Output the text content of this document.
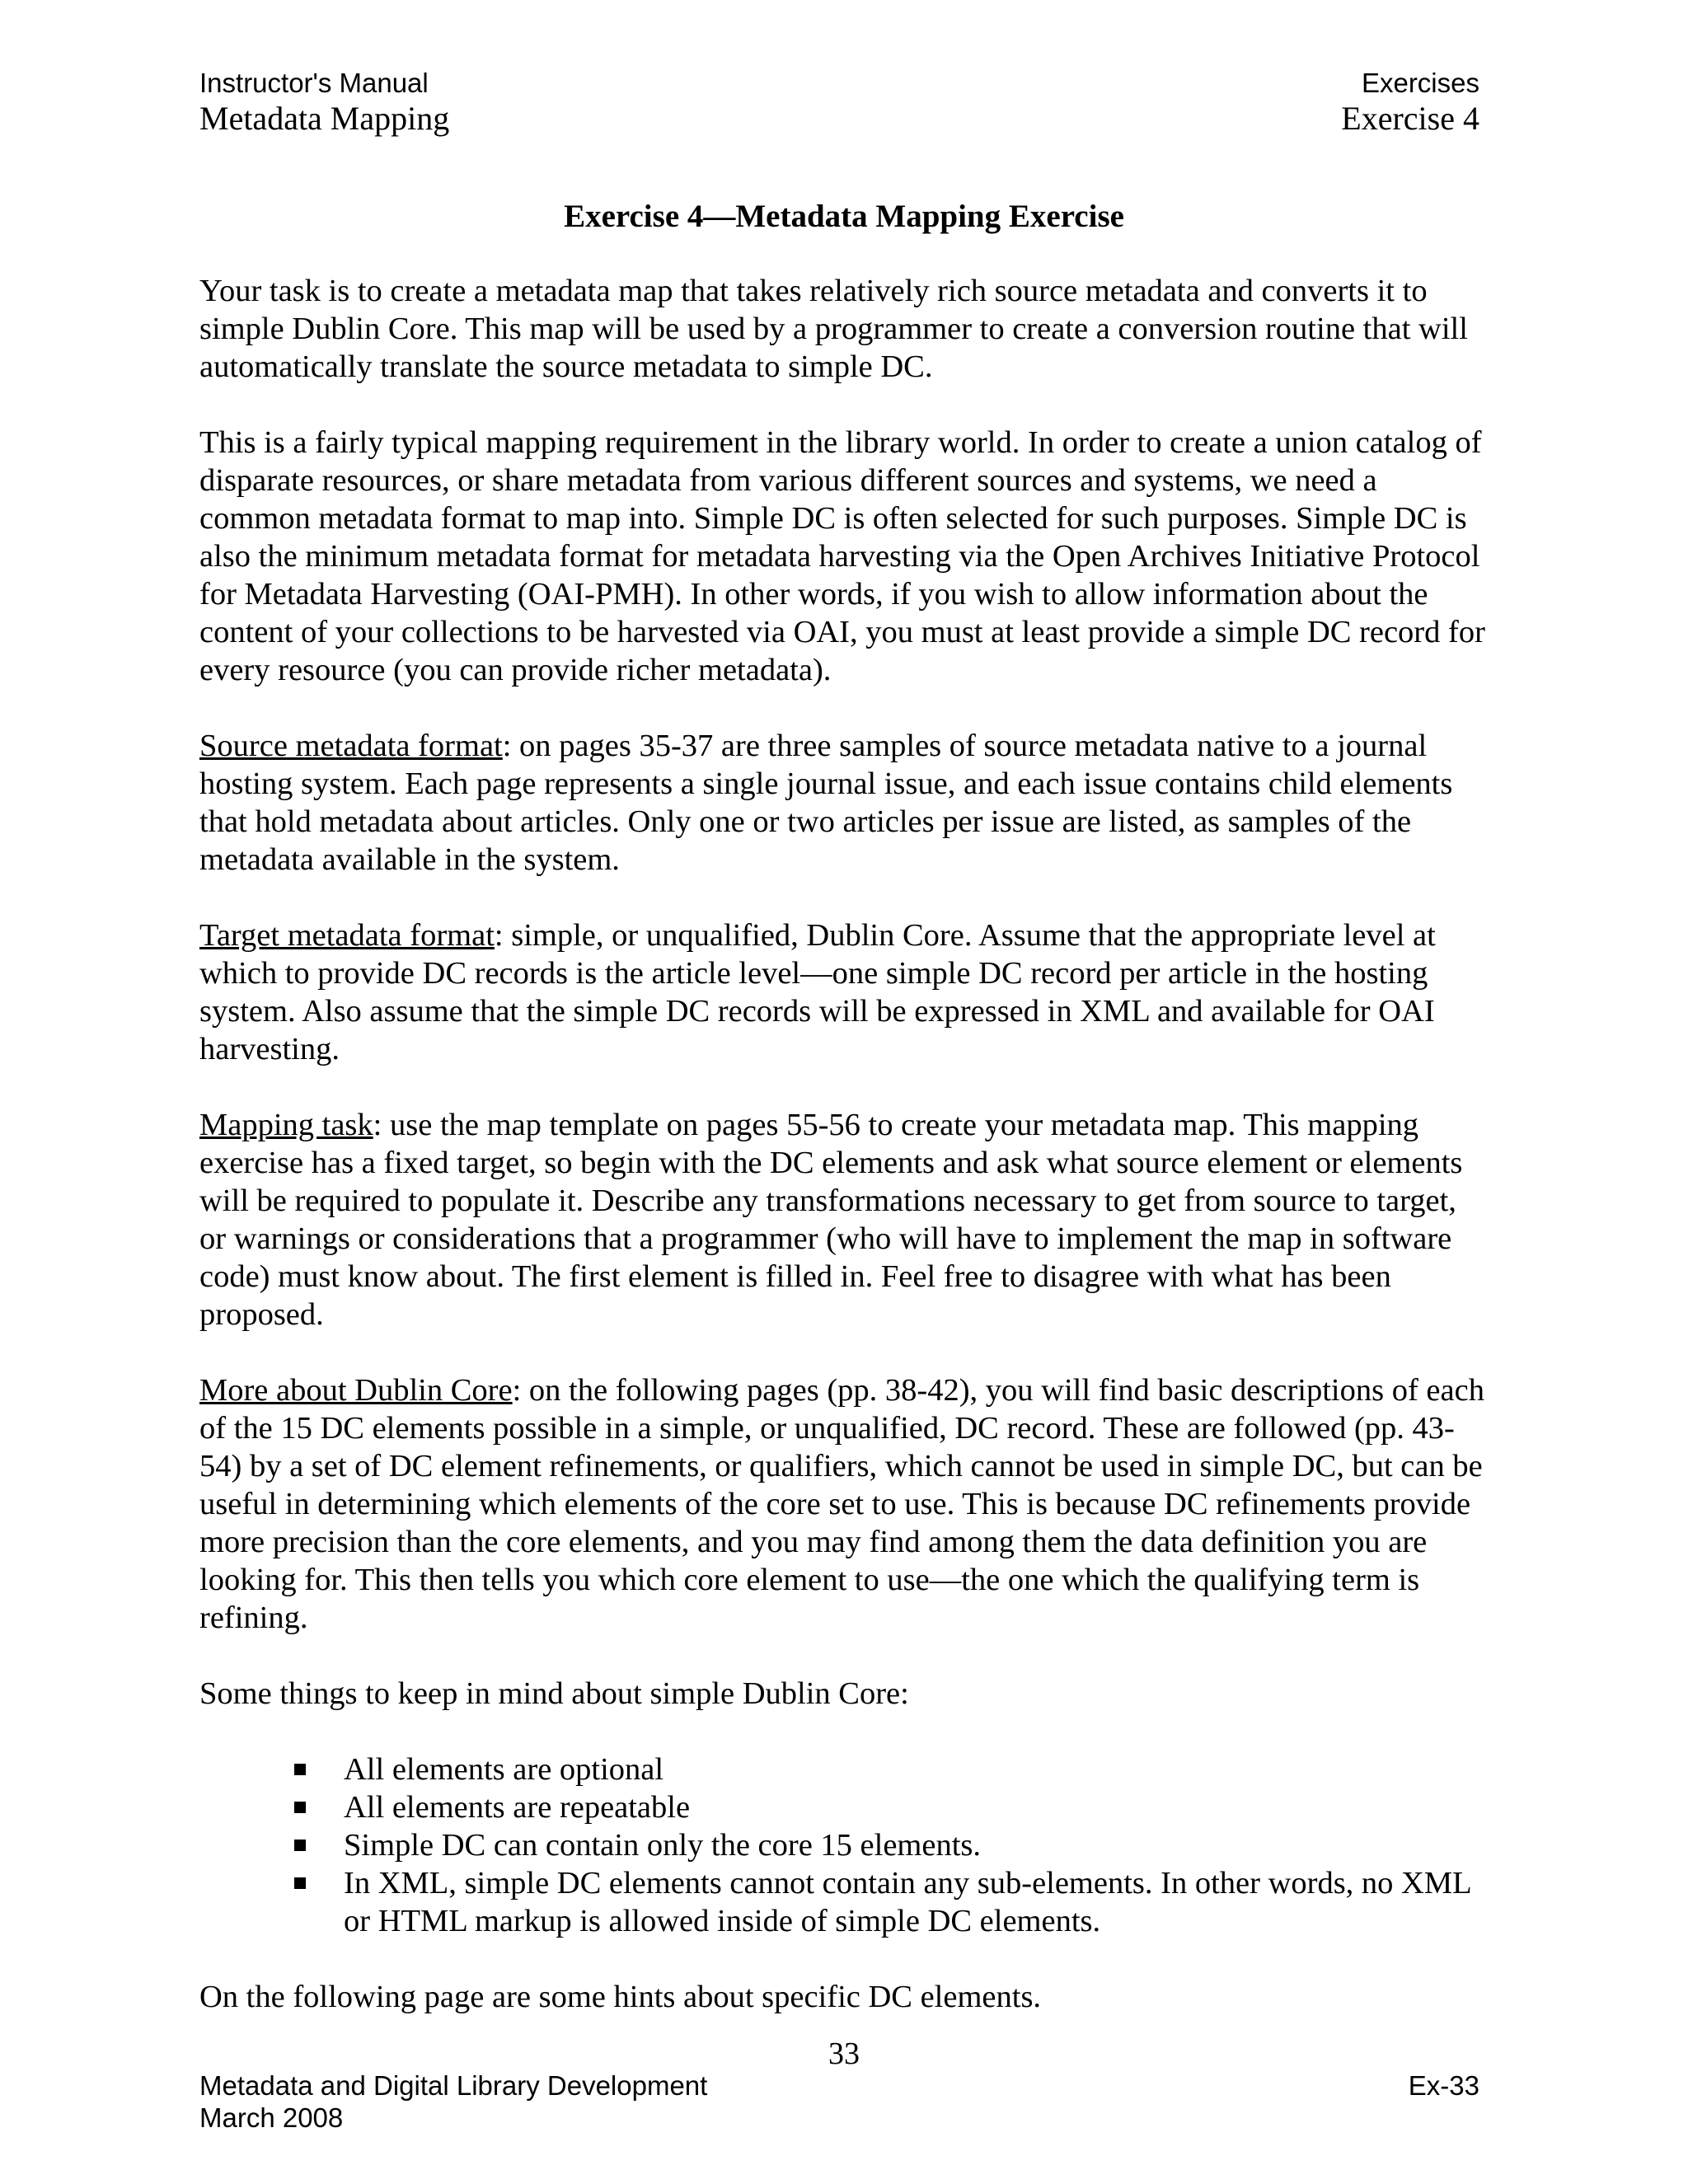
Instructor's Manual
Metadata Mapping
Exercises
Exercise 4
Exercise 4—Metadata Mapping Exercise

Your task is to create a metadata map that takes relatively rich source metadata and converts it to simple Dublin Core. This map will be used by a programmer to create a conversion routine that will automatically translate the source metadata to simple DC.

This is a fairly typical mapping requirement in the library world. In order to create a union catalog of disparate resources, or share metadata from various different sources and systems, we need a common metadata format to map into. Simple DC is often selected for such purposes. Simple DC is also the minimum metadata format for metadata harvesting via the Open Archives Initiative Protocol for Metadata Harvesting (OAI-PMH). In other words, if you wish to allow information about the content of your collections to be harvested via OAI, you must at least provide a simple DC record for every resource (you can provide richer metadata).

Source metadata format: on pages 35-37 are three samples of source metadata native to a journal hosting system. Each page represents a single journal issue, and each issue contains child elements that hold metadata about articles. Only one or two articles per issue are listed, as samples of the metadata available in the system.

Target metadata format: simple, or unqualified, Dublin Core. Assume that the appropriate level at which to provide DC records is the article level—one simple DC record per article in the hosting system. Also assume that the simple DC records will be expressed in XML and available for OAI harvesting.

Mapping task: use the map template on pages 55-56 to create your metadata map. This mapping exercise has a fixed target, so begin with the DC elements and ask what source element or elements will be required to populate it. Describe any transformations necessary to get from source to target, or warnings or considerations that a programmer (who will have to implement the map in software code) must know about. The first element is filled in. Feel free to disagree with what has been proposed.

More about Dublin Core: on the following pages (pp. 38-42), you will find basic descriptions of each of the 15 DC elements possible in a simple, or unqualified, DC record. These are followed (pp. 43-54) by a set of DC element refinements, or qualifiers, which cannot be used in simple DC, but can be useful in determining which elements of the core set to use. This is because DC refinements provide more precision than the core elements, and you may find among them the data definition you are looking for. This then tells you which core element to use—the one which the qualifying term is refining.

Some things to keep in mind about simple Dublin Core:

All elements are optional
All elements are repeatable
Simple DC can contain only the core 15 elements.
In XML, simple DC elements cannot contain any sub-elements. In other words, no XML or HTML markup is allowed inside of simple DC elements.

On the following page are some hints about specific DC elements.

33
Metadata and Digital Library Development
March 2008
Ex-33
